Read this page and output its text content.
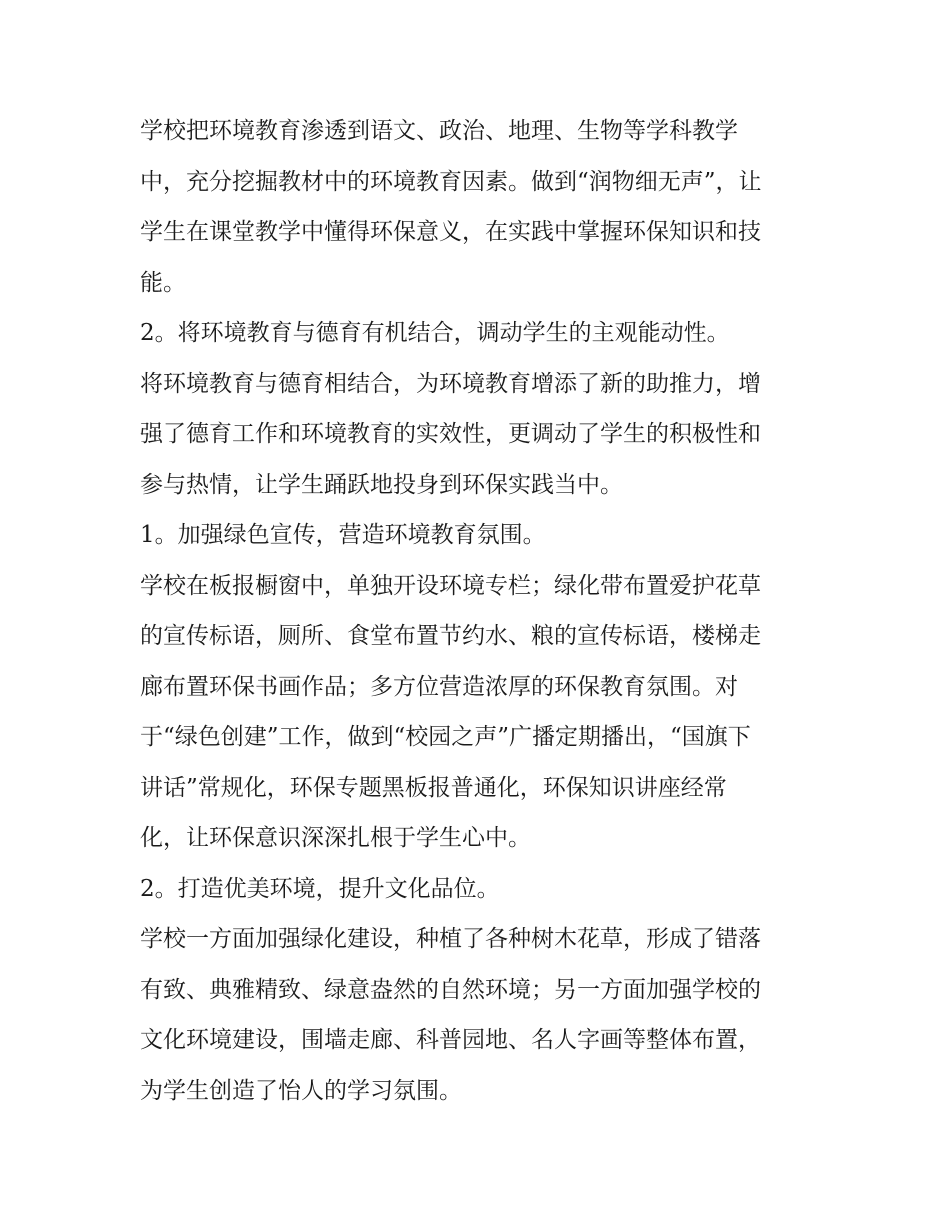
学校把环境教育渗透到语文、政治、地理、生物等学科教学
中，充分挖掘教材中的环境教育因素。做到“润物细无声”，让
学生在课堂教学中懂得环保意义，在实践中掌握环保知识和技
能。
2。将环境教育与德育有机结合，调动学生的主观能动性。
将环境教育与德育相结合，为环境教育增添了新的助推力，增
强了德育工作和环境教育的实效性，更调动了学生的积极性和
参与热情，让学生踊跃地投身到环保实践当中。
1。加强绿色宣传，营造环境教育氛围。
学校在板报橱窗中，单独开设环境专栏；绿化带布置爱护花草
的宣传标语，厕所、食堂布置节约水、粮的宣传标语，楼梯走
廊布置环保书画作品；多方位营造浓厚的环保教育氛围。对
于“绿色创建”工作，做到“校园之声”广播定期播出，“国旗下
讲话”常规化，环保专题黑板报普通化，环保知识讲座经常
化，让环保意识深深扎根于学生心中。
2。打造优美环境，提升文化品位。
学校一方面加强绿化建设，种植了各种树木花草，形成了错落
有致、典雅精致、绿意盎然的自然环境；另一方面加强学校的
文化环境建设，围墙走廊、科普园地、名人字画等整体布置，
为学生创造了怡人的学习氛围。
